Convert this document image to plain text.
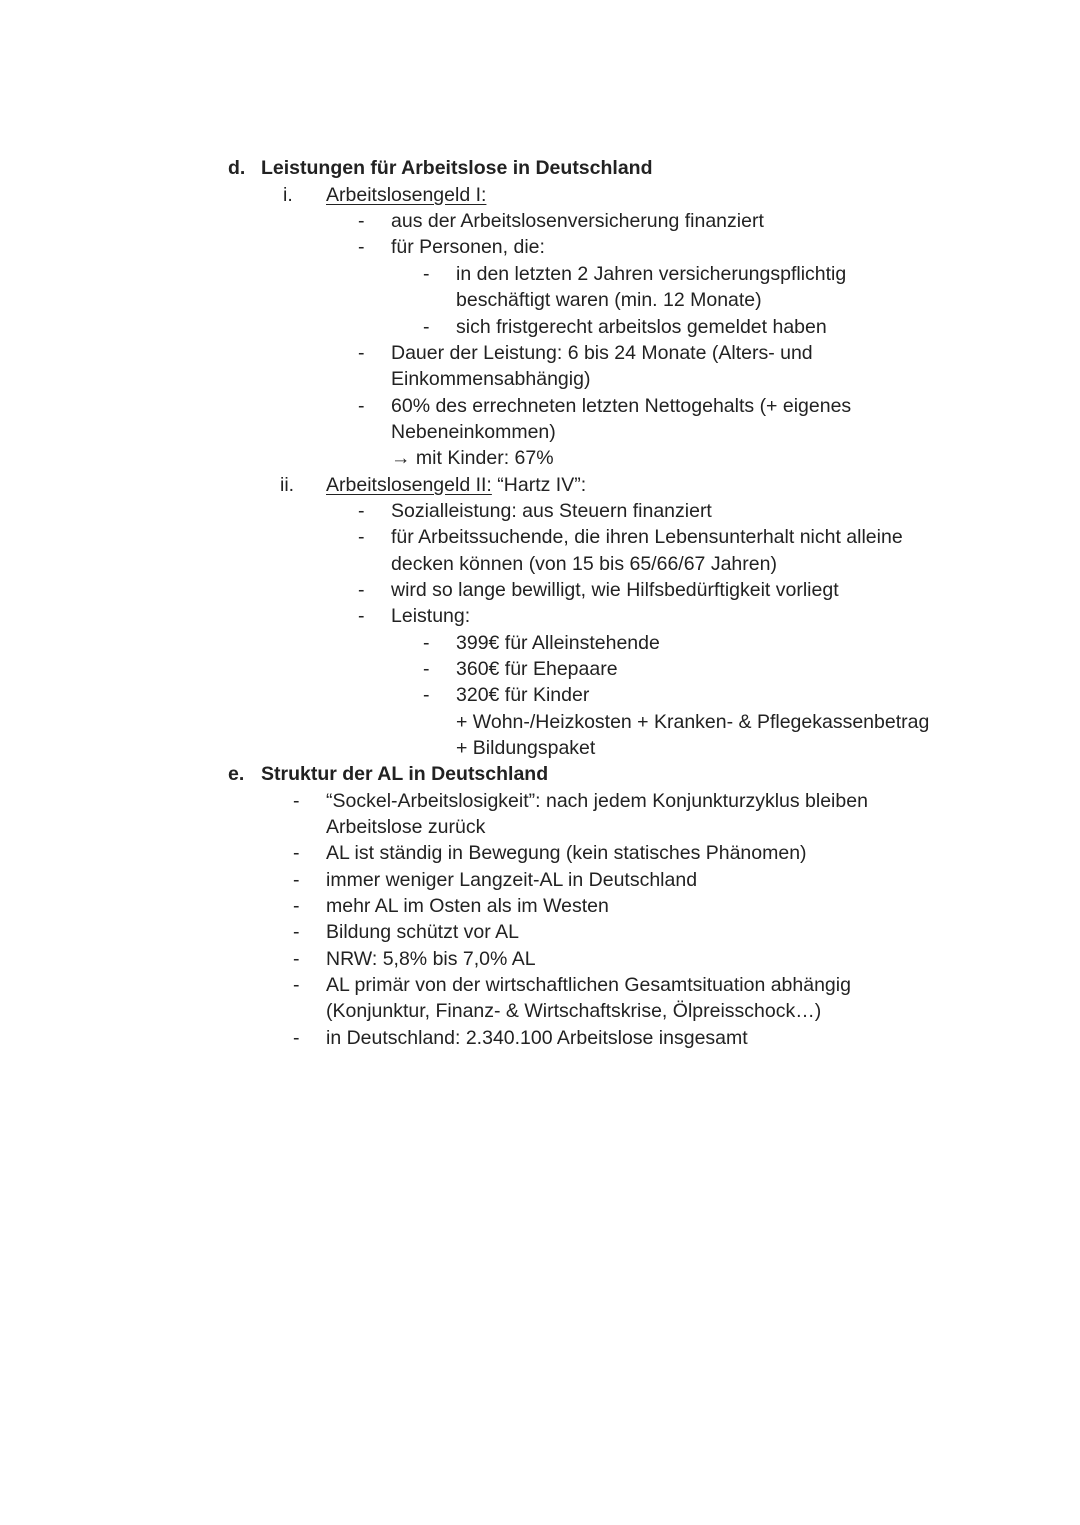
d. Leistungen für Arbeitslose in Deutschland
i. Arbeitslosengeld I:
- aus der Arbeitslosenversicherung finanziert
- für Personen, die:
- in den letzten 2 Jahren versicherungspflichtig
beschäftigt waren (min. 12 Monate)
- sich fristgerecht arbeitslos gemeldet haben
- Dauer der Leistung: 6 bis 24 Monate (Alters- und
Einkommensabhängig)
- 60% des errechneten letzten Nettogehalts (+ eigenes
Nebeneinkommen)
→ mit Kinder: 67%
ii. Arbeitslosengeld II: “Hartz IV”:
- Sozialleistung: aus Steuern finanziert
- für Arbeitssuchende, die ihren Lebensunterhalt nicht alleine
decken können (von 15 bis 65/66/67 Jahren)
- wird so lange bewilligt, wie Hilfsbedürftigkeit vorliegt
- Leistung:
- 399€ für Alleinstehende
- 360€ für Ehepaare
- 320€ für Kinder
+ Wohn-/Heizkosten + Kranken- & Pflegekassenbetrag
+ Bildungspaket
e. Struktur der AL in Deutschland
- “Sockel-Arbeitslosigkeit”: nach jedem Konjunkturzyklus bleiben
Arbeitslose zurück
- AL ist ständig in Bewegung (kein statisches Phänomen)
- immer weniger Langzeit-AL in Deutschland
- mehr AL im Osten als im Westen
- Bildung schützt vor AL
- NRW: 5,8% bis 7,0% AL
- AL primär von der wirtschaftlichen Gesamtsituation abhängig
(Konjunktur, Finanz- & Wirtschaftskrise, Ölpreisschock…)
- in Deutschland: 2.340.100 Arbeitslose insgesamt
